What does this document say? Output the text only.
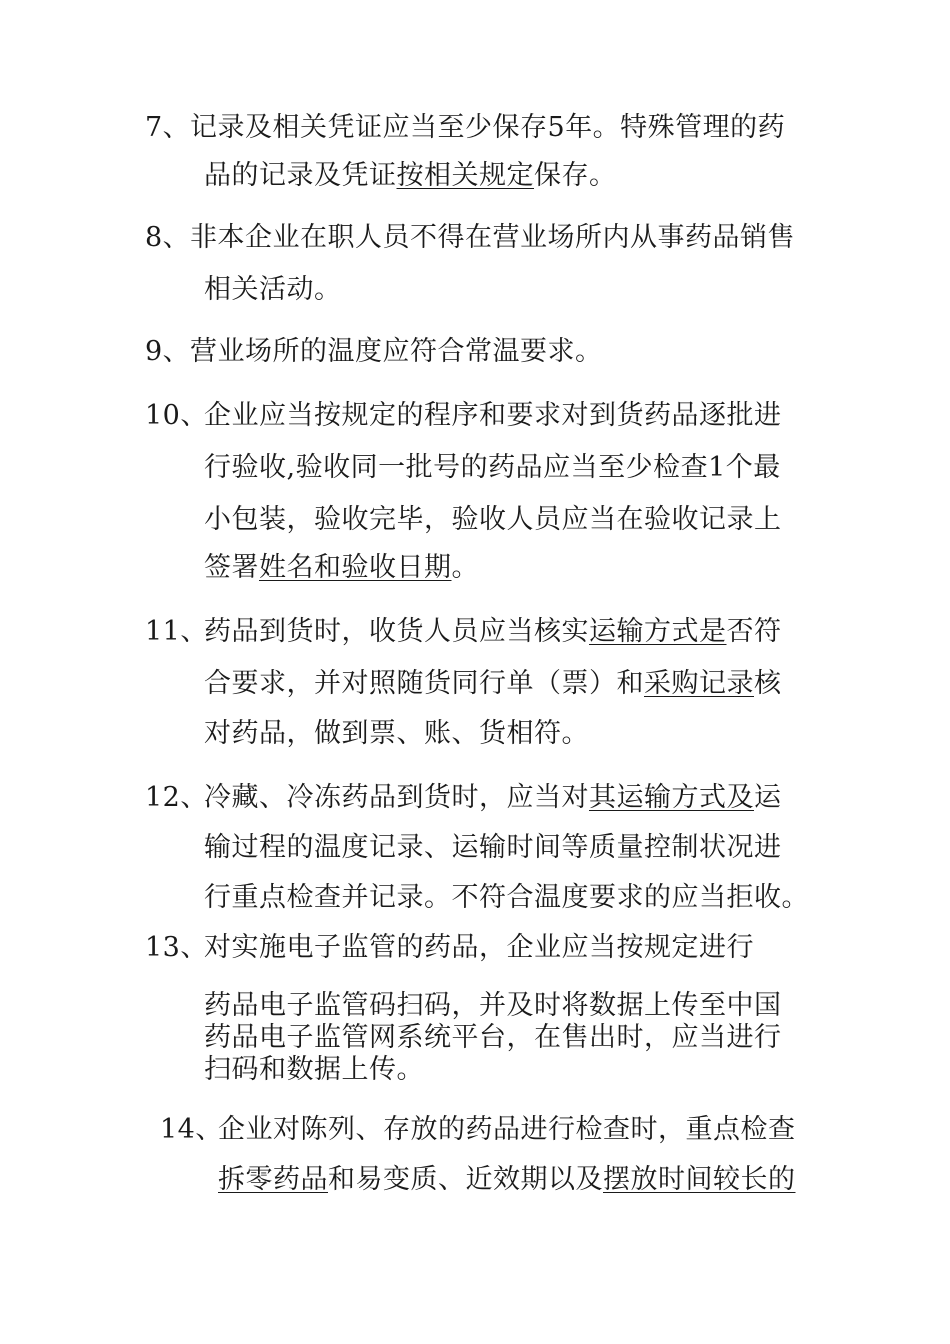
7、 记录及相关凭证应当至少保存5年。特殊管理的药
品的记录及凭证按相关规定保存。
8、 非本企业在职人员不得在营业场所内从事药品销售
相关活动。
9、 营业场所的温度应符合常温要求。
10、
企业应当按规定的程序和要求对到货药品逐批进
行验收,验收同一批号的药品应当至少检查1个最
小包装，验收完毕，验收人员应当在验收记录上
签署姓名和验收日期。
11、
药品到货时，收货人员应当核实运输方式是否符
合要求，并对照随货同行单（票）和采购记录核
对药品，做到票、账、货相符。
12、
冷藏、冷冻药品到货时，应当对其运输方式及运
输过程的温度记录、运输时间等质量控制状况进
行重点检查并记录。不符合温度要求的应当拒收。
13、
对实施电子监管的药品，企业应当按规定进行
药品电子监管码扫码，并及时将数据上传至中国
药品电子监管网系统平台，在售出时，应当进行
扫码和数据上传。
14、
企业对陈列、存放的药品进行检查时，重点检查
拆零药品和易变质、近效期以及摆放时间较长的
